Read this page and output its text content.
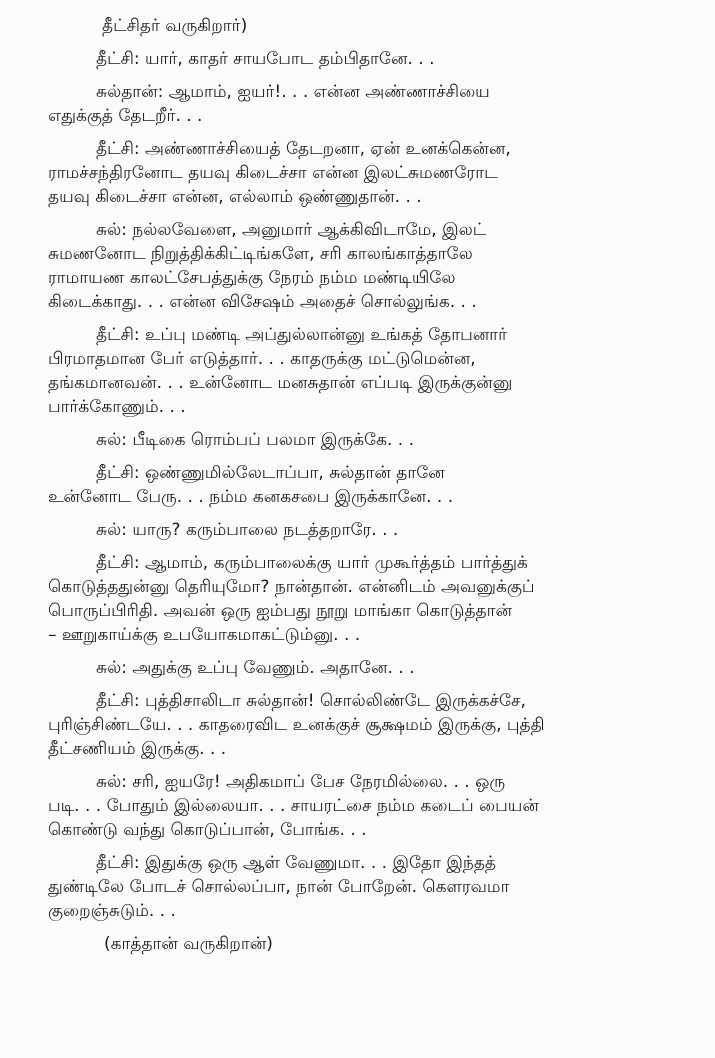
தீட்சிதர் வருகிறார்)

தீட்சி: யார், காதர் சாயபோட தம்பிதானே. . .

சுல்தான்: ஆமாம், ஐயர்!. . . என்ன அண்ணாச்சியை
எதுக்குத் தேடறீர். . .

தீட்சி: அண்ணாச்சியைத் தேடறனா, ஏன் உனக்கென்ன,
ராமச்சந்திரனோட தயவு கிடைச்சா என்ன இலட்சுமணரோட
தயவு கிடைச்சா என்ன, எல்லாம் ஒண்ணுதான். . .

சுல்: நல்லவேளை, அனுமார் ஆக்கிவிடாமே, இலட்
சுமணனோட நிறுத்திக்கிட்டிங்களே, சரி காலங்காத்தாலே
ராமாயண காலட்சேபத்துக்கு நேரம் நம்ம மண்டியிலே
கிடைக்காது. . . என்ன விசேஷம் அதைச் சொல்லுங்க. . .

தீட்சி: உப்பு மண்டி அப்துல்லான்னு உங்கத் தோபனார்
பிரமாதமான பேர் எடுத்தார். . . காதருக்கு மட்டுமென்ன,
தங்கமானவன். . . உன்னோட மனசுதான் எப்படி இருக்குன்னு
பார்க்கோணும். . .

சுல்: பீடிகை ரொம்பப் பலமா இருக்கே. . .

தீட்சி: ஒண்ணுமில்லேடாப்பா, சுல்தான் தானே
உன்னோட பேரு. . . நம்ம கனகசபை இருக்கானே. . .

சுல்: யாரு? கரும்பாலை நடத்தறாரே. . .

தீட்சி: ஆமாம், கரும்பாலைக்கு யார் முகூர்த்தம் பார்த்துக்
கொடுத்ததுன்னு தெரியுமோ? நான்தான். என்னிடம் அவனுக்குப்
பொருப்பிரிதி. அவன் ஒரு ஐம்பது நூறு மாங்கா கொடுத்தான்
– ஊறுகாய்க்கு உபயோகமாகட்டும்னு. . .

சுல்: அதுக்கு உப்பு வேணும். அதானே. . .

தீட்சி: புத்திசாலிடா சுல்தான்! சொல்லிண்டே இருக்கச்சே,
புரிஞ்சிண்டயே. . . காதரைவிட உனக்குச் சூக்ஷமம் இருக்கு, புத்தி
தீட்சணியம் இருக்கு. . .

சுல்: சரி, ஐயரே! அதிகமாப் பேச நேரமில்லை. . . ஒரு
படி. . . போதும் இல்லையா. . . சாயரட்சை நம்ம கடைப் பையன்
கொண்டு வந்து கொடுப்பான், போங்க. . .

தீட்சி: இதுக்கு ஒரு ஆள் வேணுமா. . . இதோ இந்தத்
துண்டிலே போடச் சொல்லப்பா, நான் போறேன். கௌரவமா
குறைஞ்சுடும். . .

(காத்தான் வருகிறான்)
